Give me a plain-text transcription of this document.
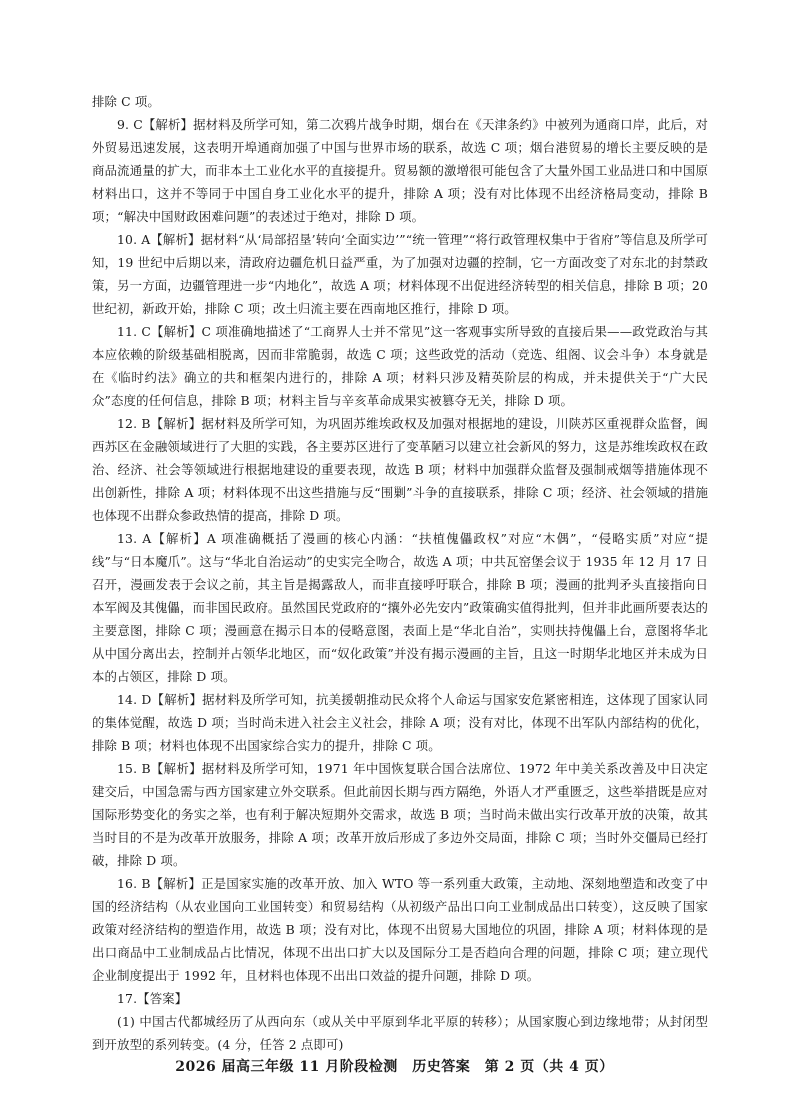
排除 C 项。

9. C【解析】据材料及所学可知，第二次鸦片战争时期，烟台在《天津条约》中被列为通商口岸，此后，对外贸易迅速发展，这表明开埠通商加强了中国与世界市场的联系，故选 C 项；烟台港贸易的增长主要反映的是商品流通量的扩大，而非本土工业化水平的直接提升。贸易额的激增很可能包含了大量外国工业品进口和中国原材料出口，这并不等同于中国自身工业化水平的提升，排除 A 项；没有对比体现不出经济格局变动，排除 B 项；“解决中国财政困难问题”的表述过于绝对，排除 D 项。

10. A【解析】据材料“从‘局部招垦’转向‘全面实边’”“统一管理”“将行政管理权集中于省府”等信息及所学可知，19 世纪中后期以来，清政府边疆危机日益严重，为了加强对边疆的控制，它一方面改变了对东北的封禁政策，另一方面，边疆管理进一步“内地化”，故选 A 项；材料体现不出促进经济转型的相关信息，排除 B 项；20 世纪初，新政开始，排除 C 项；改土归流主要在西南地区推行，排除 D 项。

11. C【解析】C 项准确地描述了“工商界人士并不常见”这一客观事实所导致的直接后果——政党政治与其本应依赖的阶级基础相脱离，因而非常脆弱，故选 C 项；这些政党的活动（竞选、组阁、议会斗争）本身就是在《临时约法》确立的共和框架内进行的，排除 A 项；材料只涉及精英阶层的构成，并未提供关于“广大民众”态度的任何信息，排除 B 项；材料主旨与辛亥革命成果实被篡夺无关，排除 D 项。

12. B【解析】据材料及所学可知，为巩固苏维埃政权及加强对根据地的建设，川陕苏区重视群众监督，闽西苏区在金融领域进行了大胆的实践，各主要苏区进行了变革陋习以建立社会新风的努力，这是苏维埃政权在政治、经济、社会等领域进行根据地建设的重要表现，故选 B 项；材料中加强群众监督及强制戒烟等措施体现不出创新性，排除 A 项；材料体现不出这些措施与反“围剿”斗争的直接联系，排除 C 项；经济、社会领域的措施也体现不出群众参政热情的提高，排除 D 项。

13. A【解析】A 项准确概括了漫画的核心内涵：“扶植傀儡政权”对应“木偶”，“侵略实质”对应“提线”与“日本魔爪”。这与“华北自治运动”的史实完全吻合，故选 A 项；中共瓦窑堡会议于 1935 年 12 月 17 日召开，漫画发表于会议之前，其主旨是揭露敌人，而非直接呼吁联合，排除 B 项；漫画的批判矛头直接指向日本军阀及其傀儡，而非国民政府。虽然国民党政府的“攘外必先安内”政策确实值得批判，但并非此画所要表达的主要意图，排除 C 项；漫画意在揭示日本的侵略意图，表面上是“华北自治”，实则扶持傀儡上台，意图将华北从中国分离出去，控制并占领华北地区，而“奴化政策”并没有揭示漫画的主旨，且这一时期华北地区并未成为日本的占领区，排除 D 项。

14. D【解析】据材料及所学可知，抗美援朝推动民众将个人命运与国家安危紧密相连，这体现了国家认同的集体觉醒，故选 D 项；当时尚未进入社会主义社会，排除 A 项；没有对比，体现不出军队内部结构的优化，排除 B 项；材料也体现不出国家综合实力的提升，排除 C 项。

15. B【解析】据材料及所学可知，1971 年中国恢复联合国合法席位、1972 年中美关系改善及中日决定建交后，中国急需与西方国家建立外交联系。但此前因长期与西方隔绝，外语人才严重匮乏，这些举措既是应对国际形势变化的务实之举，也有利于解决短期外交需求，故选 B 项；当时尚未做出实行改革开放的决策，故其当时目的不是为改革开放服务，排除 A 项；改革开放后形成了多边外交局面，排除 C 项；当时外交僵局已经打破，排除 D 项。

16. B【解析】正是国家实施的改革开放、加入 WTO 等一系列重大政策，主动地、深刻地塑造和改变了中国的经济结构（从农业国向工业国转变）和贸易结构（从初级产品出口向工业制成品出口转变），这反映了国家政策对经济结构的塑造作用，故选 B 项；没有对比，体现不出贸易大国地位的巩固，排除 A 项；材料体现的是出口商品中工业制成品占比情况，体现不出出口扩大以及国际分工是否趋向合理的问题，排除 C 项；建立现代企业制度提出于 1992 年，且材料也体现不出出口效益的提升问题，排除 D 项。

17.【答案】

(1) 中国古代都城经历了从西向东（或从关中平原到华北平原的转移）；从国家腹心到边缘地带；从封闭型到开放型的系列转变。(4 分，任答 2 点即可)

2026 届高三年级 11 月阶段检测　历史答案　第 2 页（共 4 页）
